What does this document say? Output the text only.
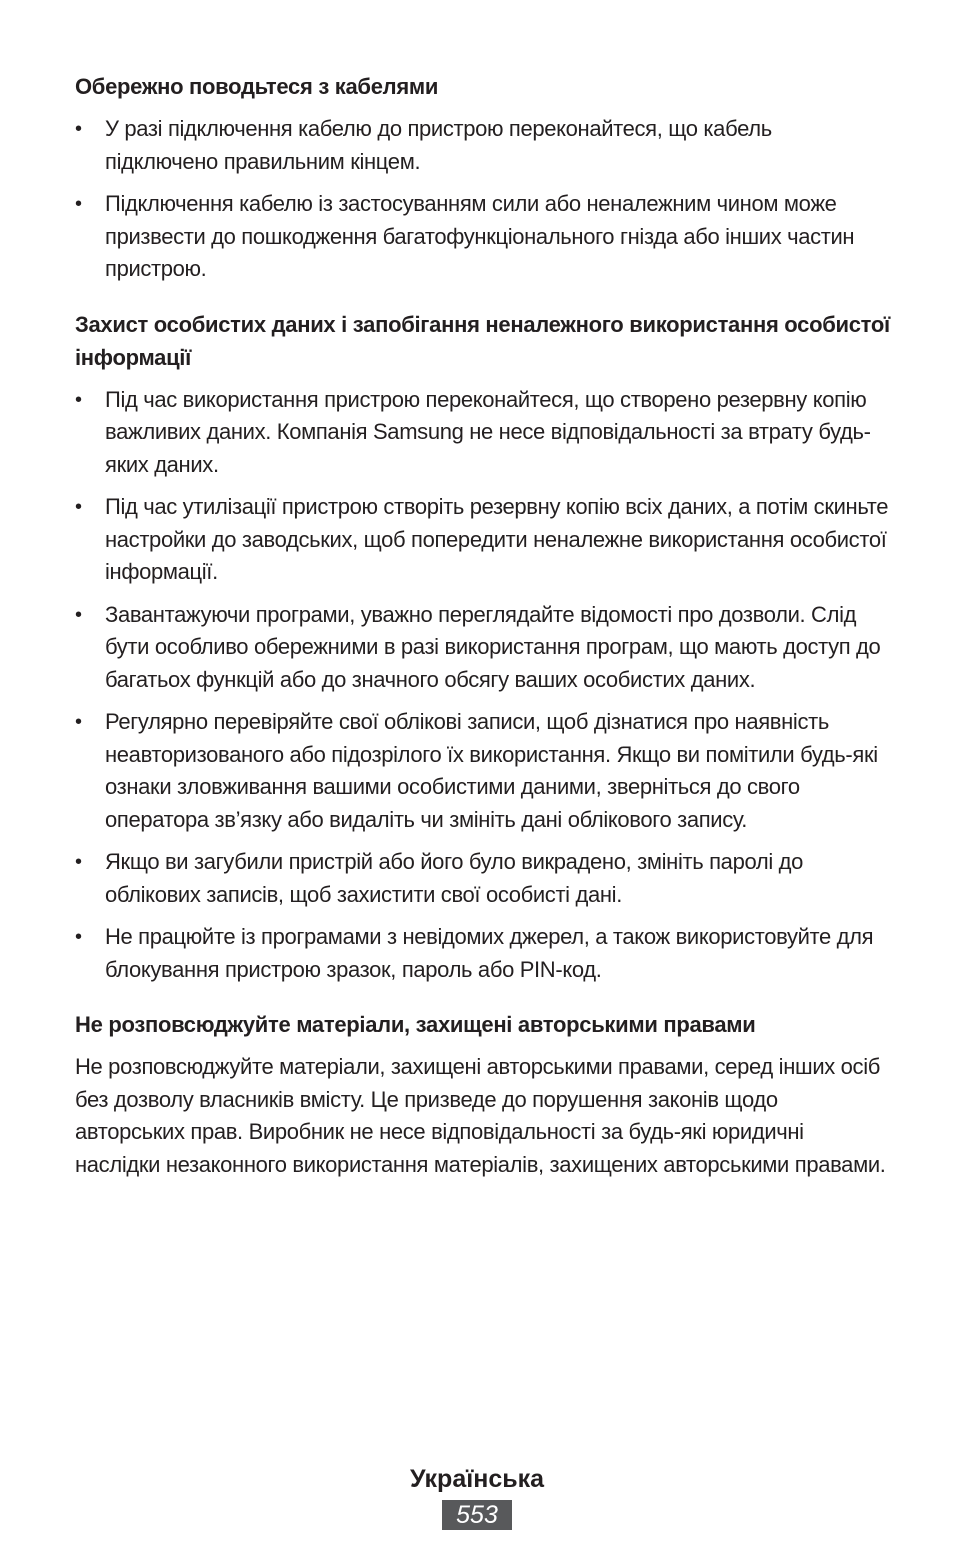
Обережно поводьтеся з кабелями
• У разі підключення кабелю до пристрою переконайтеся, що кабель підключено правильним кінцем.
• Підключення кабелю із застосуванням сили або неналежним чином може призвести до пошкодження багатофункціонального гнізда або інших частин пристрою.
Захист особистих даних і запобігання неналежного використання особистої інформації
• Під час використання пристрою переконайтеся, що створено резервну копію важливих даних. Компанія Samsung не несе відповідальності за втрату будь-яких даних.
• Під час утилізації пристрою створіть резервну копію всіх даних, а потім скиньте настройки до заводських, щоб попередити неналежне використання особистої інформації.
• Завантажуючи програми, уважно переглядайте відомості про дозволи. Слід бути особливо обережними в разі використання програм, що мають доступ до багатьох функцій або до значного обсягу ваших особистих даних.
• Регулярно перевіряйте свої облікові записи, щоб дізнатися про наявність неавторизованого або підозрілого їх використання. Якщо ви помітили будь-які ознаки зловживання вашими особистими даними, зверніться до свого оператора зв’язку або видаліть чи змініть дані облікового запису.
• Якщо ви загубили пристрій або його було викрадено, змініть паролі до облікових записів, щоб захистити свої особисті дані.
• Не працюйте із програмами з невідомих джерел, а також використовуйте для блокування пристрою зразок, пароль або PIN-код.
Не розповсюджуйте матеріали, захищені авторськими правами

Не розповсюджуйте матеріали, захищені авторськими правами, серед інших осіб без дозволу власників вмісту. Це призведе до порушення законів щодо авторських прав. Виробник не несе відповідальності за будь-які юридичні наслідки незаконного використання матеріалів, захищених авторськими правами.

Українська
553
